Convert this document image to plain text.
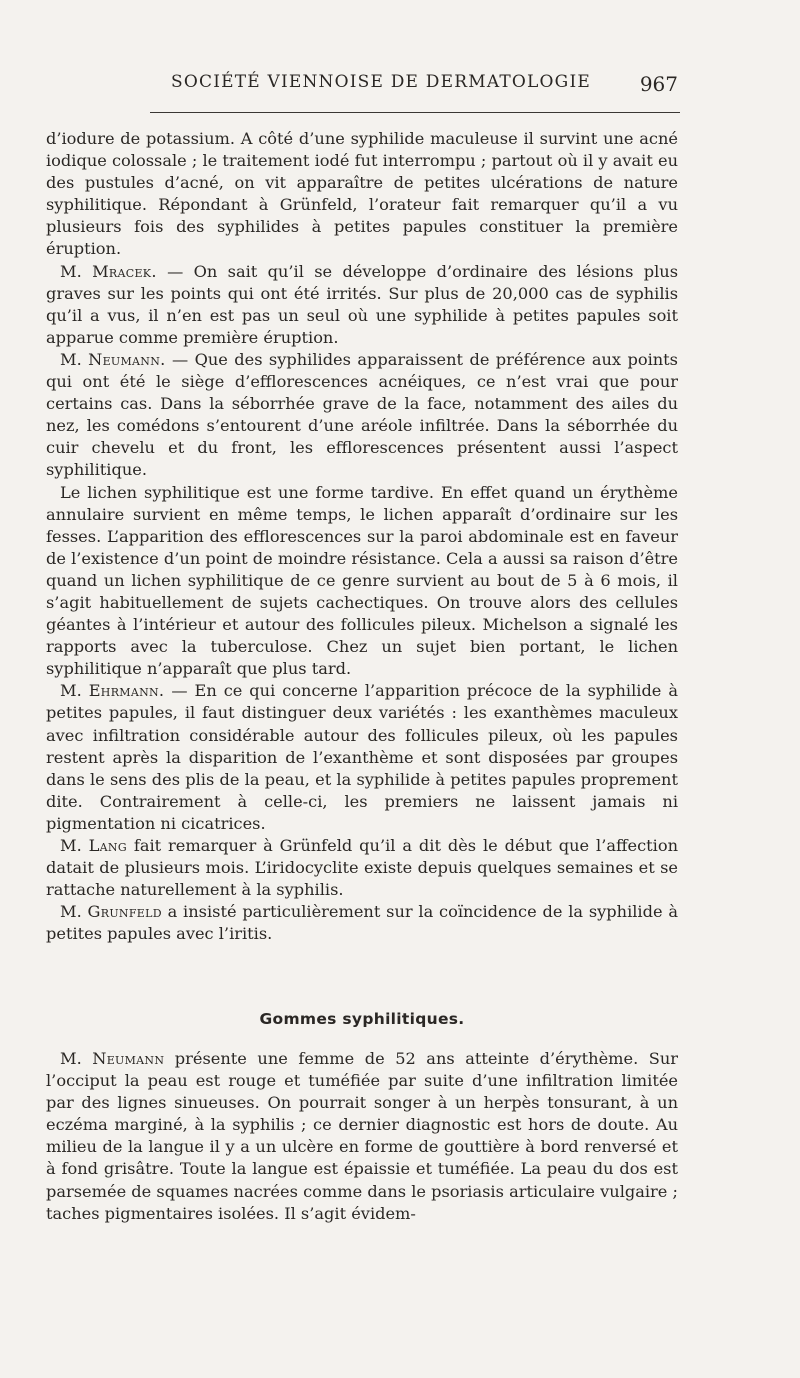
SOCIÉTÉ VIENNOISE DE DERMATOLOGIE 967

d’iodure de potassium. A côté d’une syphilide maculeuse il survint une acné iodique colossale ; le traitement iodé fut interrompu ; partout où il y avait eu des pustules d’acné, on vit apparaître de petites ulcérations de nature syphilitique. Répondant à Grünfeld, l’orateur fait remarquer qu’il a vu plusieurs fois des syphilides à petites papules constituer la première éruption.

M. Mracek. — On sait qu’il se développe d’ordinaire des lésions plus graves sur les points qui ont été irrités. Sur plus de 20,000 cas de syphilis qu’il a vus, il n’en est pas un seul où une syphilide à petites papules soit apparue comme première éruption.

M. Neumann. — Que des syphilides apparaissent de préférence aux points qui ont été le siège d’efflorescences acnéiques, ce n’est vrai que pour certains cas. Dans la séborrhée grave de la face, notamment des ailes du nez, les comédons s’entourent d’une aréole infiltrée. Dans la séborrhée du cuir chevelu et du front, les efflorescences présentent aussi l’aspect syphilitique.

Le lichen syphilitique est une forme tardive. En effet quand un érythème annulaire survient en même temps, le lichen apparaît d’ordinaire sur les fesses. L’apparition des efflorescences sur la paroi abdominale est en faveur de l’existence d’un point de moindre résistance. Cela a aussi sa raison d’être quand un lichen syphilitique de ce genre survient au bout de 5 à 6 mois, il s’agit habituellement de sujets cachectiques. On trouve alors des cellules géantes à l’intérieur et autour des follicules pileux. Michelson a signalé les rapports avec la tuberculose. Chez un sujet bien portant, le lichen syphilitique n’apparaît que plus tard.

M. Ehrmann. — En ce qui concerne l’apparition précoce de la syphilide à petites papules, il faut distinguer deux variétés : les exanthèmes maculeux avec infiltration considérable autour des follicules pileux, où les papules restent après la disparition de l’exanthème et sont disposées par groupes dans le sens des plis de la peau, et la syphilide à petites papules proprement dite. Contrairement à celle-ci, les premiers ne laissent jamais ni pigmentation ni cicatrices.

M. Lang fait remarquer à Grünfeld qu’il a dit dès le début que l’affection datait de plusieurs mois. L’iridocyclite existe depuis quelques semaines et se rattache naturellement à la syphilis.

M. Grunfeld a insisté particulièrement sur la coïncidence de la syphilide à petites papules avec l’iritis.

Gommes syphilitiques.

M. Neumann présente une femme de 52 ans atteinte d’érythème. Sur l’occiput la peau est rouge et tuméfiée par suite d’une infiltration limitée par des lignes sinueuses. On pourrait songer à un herpès tonsurant, à un eczéma marginé, à la syphilis ; ce dernier diagnostic est hors de doute. Au milieu de la langue il y a un ulcère en forme de gouttière à bord renversé et à fond grisâtre. Toute la langue est épaissie et tuméfiée. La peau du dos est parsemée de squames nacrées comme dans le psoriasis articulaire vulgaire ; taches pigmentaires isolées. Il s’agit évidem-
